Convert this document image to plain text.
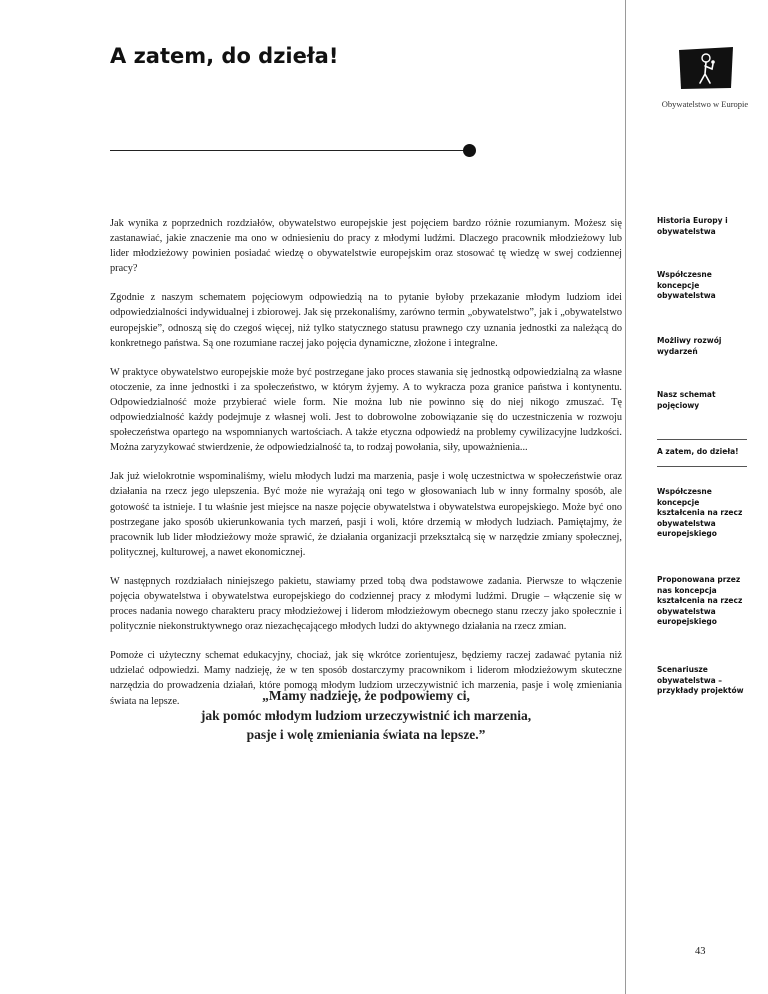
A zatem, do dzieła!
Obywatelstwo w Europie

Jak wynika z poprzednich rozdziałów, obywatelstwo europejskie jest pojęciem bardzo różnie rozumianym. Możesz się zastanawiać, jakie znaczenie ma ono w odniesieniu do pracy z młodymi ludźmi. Dlaczego pracownik młodzieżowy lub lider młodzieżowy powinien posiadać wiedzę o obywatelstwie europejskim oraz stosować tę wiedzę w swej codziennej pracy?

Zgodnie z naszym schematem pojęciowym odpowiedzią na to pytanie byłoby przekazanie młodym ludziom idei odpowiedzialności indywidualnej i zbiorowej. Jak się przekonaliśmy, zarówno termin „obywatelstwo”, jak i „obywatelstwo europejskie”, odnoszą się do czegoś więcej, niż tylko statycznego statusu prawnego czy uznania jednostki za należącą do konkretnego państwa. Są one rozumiane raczej jako pojęcia dynamiczne, złożone i integralne.

W praktyce obywatelstwo europejskie może być postrzegane jako proces stawania się jednostką odpowiedzialną za własne otoczenie, za inne jednostki i za społeczeństwo, w którym żyjemy. A to wykracza poza granice państwa i kontynentu. Odpowiedzialność może przybierać wiele form. Nie można lub nie powinno się do niej nikogo zmuszać. Tę odpowiedzialność każdy podejmuje z własnej woli. Jest to dobrowolne zobowiązanie się do uczestniczenia w rozwoju społeczeństwa opartego na wspomnianych wartościach. A także etyczna odpowiedź na problemy cywilizacyjne ludzkości. Można zaryzykować stwierdzenie, że odpowiedzialność ta, to rodzaj powołania, siły, upoważnienia...

Jak już wielokrotnie wspominaliśmy, wielu młodych ludzi ma marzenia, pasje i wolę uczestnictwa w społeczeństwie oraz działania na rzecz jego ulepszenia. Być może nie wyrażają oni tego w głosowaniach lub w inny formalny sposób, ale gotowość ta istnieje. I tu właśnie jest miejsce na nasze pojęcie obywatelstwa i obywatelstwa europejskiego. Może być ono postrzegane jako sposób ukierunkowania tych marzeń, pasji i woli, które drzemią w młodych ludziach. Pamiętajmy, że pracownik lub lider młodzieżowy może sprawić, że działania organizacji przekształcą się w narzędzie zmiany społecznej, politycznej, kulturowej, a nawet ekonomicznej.

W następnych rozdziałach niniejszego pakietu, stawiamy przed tobą dwa podstawowe zadania. Pierwsze to włączenie pojęcia obywatelstwa i obywatelstwa europejskiego do codziennej pracy z młodymi ludźmi. Drugie – włączenie się w proces nadania nowego charakteru pracy młodzieżowej i liderom młodzieżowym obecnego stanu rzeczy jako społecznie i politycznie niekonstruktywnego oraz niezachęcającego młodych ludzi do aktywnego działania na rzecz zmian.

Pomoże ci użyteczny schemat edukacyjny, chociaż, jak się wkrótce zorientujesz, będziemy raczej zadawać pytania niż udzielać odpowiedzi. Mamy nadzieję, że w ten sposób dostarczymy pracownikom i liderom młodzieżowym skuteczne narzędzia do prowadzenia działań, które pomogą młodym ludziom urzeczywistnić ich marzenia, pasje i wolę zmieniania świata na lepsze.	„Mamy nadzieję, że podpowiemy ci,
jak pomóc młodym ludziom urzeczywistnić ich marzenia,
pasje i wolę zmieniania świata na lepsze.”
Historia Europy i obywatelstwa
Współczesne koncepcje obywatelstwa
Możliwy rozwój wydarzeń
Nasz schemat pojęciowy
A zatem, do dzieła!
Współczesne koncepcje kształcenia na rzecz obywatelstwa europejskiego
Proponowana przez nas koncepcja kształcenia na rzecz obywatelstwa europejskiego
Scenariusze obywatelstwa – przykłady projektów
43
